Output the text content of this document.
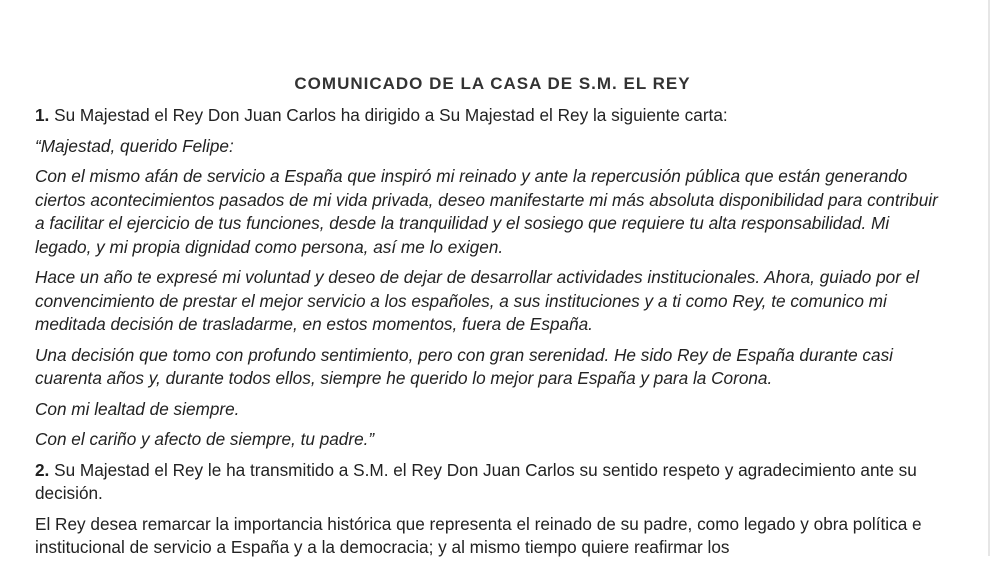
COMUNICADO DE LA CASA DE S.M. EL REY

1. Su Majestad el Rey Don Juan Carlos ha dirigido a Su Majestad el Rey la siguiente carta:

“Majestad, querido Felipe:

Con el mismo afán de servicio a España que inspiró mi reinado y ante la repercusión pública que están generando ciertos acontecimientos pasados de mi vida privada, deseo manifestarte mi más absoluta disponibilidad para contribuir a facilitar el ejercicio de tus funciones, desde la tranquilidad y el sosiego que requiere tu alta responsabilidad. Mi legado, y mi propia dignidad como persona, así me lo exigen.

Hace un año te expresé mi voluntad y deseo de dejar de desarrollar actividades institucionales. Ahora, guiado por el convencimiento de prestar el mejor servicio a los españoles, a sus instituciones y a ti como Rey, te comunico mi meditada decisión de trasladarme, en estos momentos, fuera de España.

Una decisión que tomo con profundo sentimiento, pero con gran serenidad. He sido Rey de España durante casi cuarenta años y, durante todos ellos, siempre he querido lo mejor para España y para la Corona.

Con mi lealtad de siempre.

Con el cariño y afecto de siempre, tu padre.”

2. Su Majestad el Rey le ha transmitido a S.M. el Rey Don Juan Carlos su sentido respeto y agradecimiento ante su decisión.

El Rey desea remarcar la importancia histórica que representa el reinado de su padre, como legado y obra política e institucional de servicio a España y a la democracia; y al mismo tiempo quiere reafirmar los
